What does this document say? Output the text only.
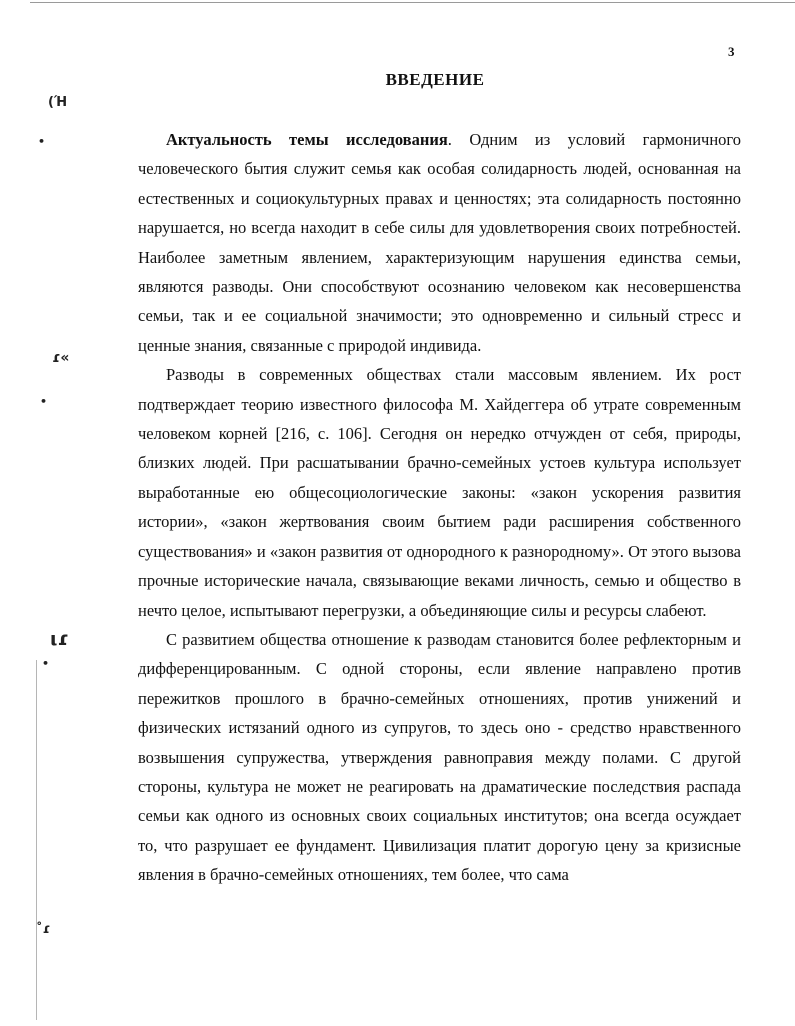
3
ВВЕДЕНИЕ

Актуальность темы исследования. Одним из условий гармоничного человеческого бытия служит семья как особая солидарность людей, основанная на естественных и социокультурных правах и ценностях; эта солидарность постоянно нарушается, но всегда находит в себе силы для удовлетворения своих потребностей. Наиболее заметным явлением, характеризующим нарушения единства семьи, являются разводы. Они способствуют осознанию человеком как несовершенства семьи, так и ее социальной значимости; это одновременно и сильный стресс и ценные знания, связанные с природой индивида.

Разводы в современных обществах стали массовым явлением. Их рост подтверждает теорию известного философа М. Хайдеггера об утрате современным человеком корней [216, с. 106]. Сегодня он нередко отчужден от себя, природы, близких людей. При расшатывании брачно-семейных устоев культура использует выработанные ею общесоциологические законы: «закон ускорения развития истории», «закон жертвования своим бытием ради расширения собственного существования» и «закон развития от однородного к разнородному». От этого вызова прочные исторические начала, связывающие веками личность, семью и общество в нечто целое, испытывают перегрузки, а объединяющие силы и ресурсы слабеют.

С развитием общества отношение к разводам становится более рефлекторным и дифференцированным. С одной стороны, если явление направлено против пережитков прошлого в брачно-семейных отношениях, против унижений и физических истязаний одного из супругов, то здесь оно - средство нравственного возвышения супружества, утверждения равноправия между полами. С другой стороны, культура не может не реагировать на драматические последствия распада семьи как одного из основных своих социальных институтов; она всегда осуждает то, что разрушает ее фундамент. Цивилизация платит дорогую цену за кризисные явления в брачно-семейных отношениях, тем более, что сама

(Ή
•
ɾ«
•
ιɾ
•
˚ɾ
